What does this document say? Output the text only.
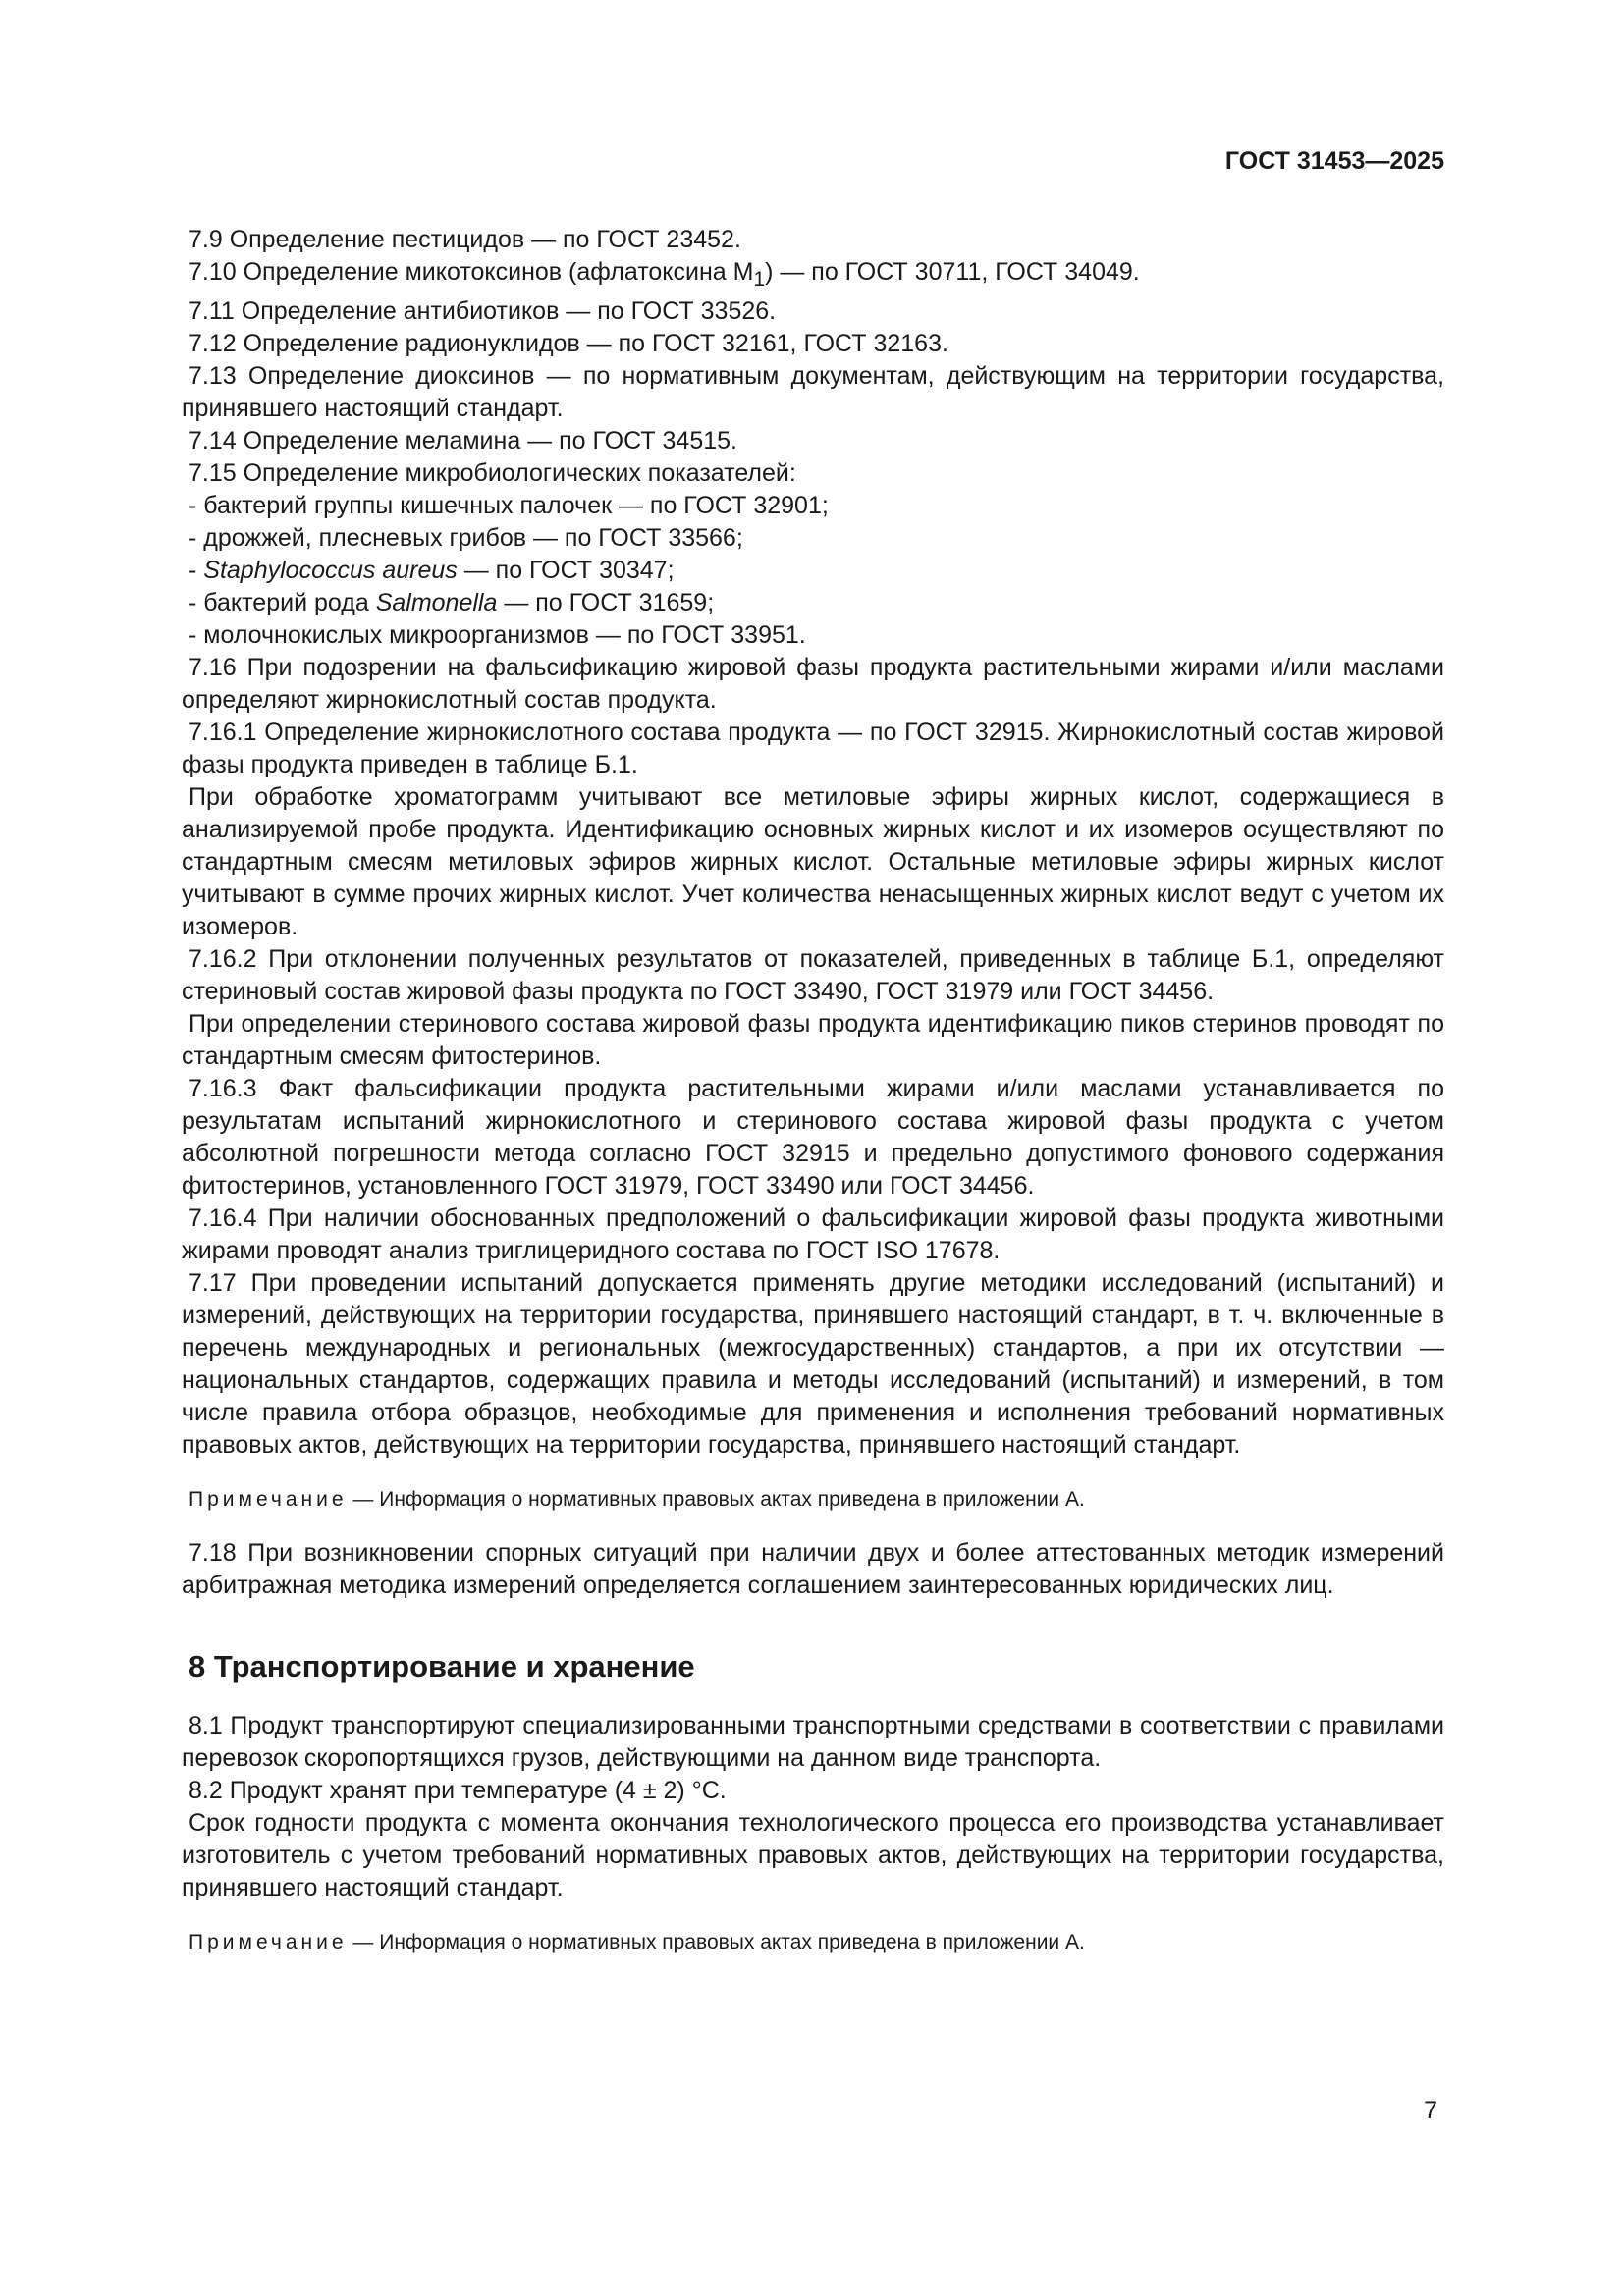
ГОСТ 31453—2025

7.9 Определение пестицидов — по ГОСТ 23452.

7.10 Определение микотоксинов (афлатоксина $M_1$) — по ГОСТ 30711, ГОСТ 34049.

7.11 Определение антибиотиков — по ГОСТ 33526.

7.12 Определение радионуклидов — по ГОСТ 32161, ГОСТ 32163.

7.13 Определение диоксинов — по нормативным документам, действующим на территории государства, принявшего настоящий стандарт.

7.14 Определение меламина — по ГОСТ 34515.

7.15 Определение микробиологических показателей:

- бактерий группы кишечных палочек — по ГОСТ 32901;

- дрожжей, плесневых грибов — по ГОСТ 33566;

- Staphylococcus aureus — по ГОСТ 30347;

- бактерий рода Salmonella — по ГОСТ 31659;

- молочнокислых микроорганизмов — по ГОСТ 33951.

7.16 При подозрении на фальсификацию жировой фазы продукта растительными жирами и/или маслами определяют жирнокислотный состав продукта.

7.16.1 Определение жирнокислотного состава продукта — по ГОСТ 32915. Жирнокислотный состав жировой фазы продукта приведен в таблице Б.1.

При обработке хроматограмм учитывают все метиловые эфиры жирных кислот, содержащиеся в анализируемой пробе продукта. Идентификацию основных жирных кислот и их изомеров осуществляют по стандартным смесям метиловых эфиров жирных кислот. Остальные метиловые эфиры жирных кислот учитывают в сумме прочих жирных кислот. Учет количества ненасыщенных жирных кислот ведут с учетом их изомеров.

7.16.2 При отклонении полученных результатов от показателей, приведенных в таблице Б.1, определяют стериновый состав жировой фазы продукта по ГОСТ 33490, ГОСТ 31979 или ГОСТ 34456.

При определении стеринового состава жировой фазы продукта идентификацию пиков стеринов проводят по стандартным смесям фитостеринов.

7.16.3 Факт фальсификации продукта растительными жирами и/или маслами устанавливается по результатам испытаний жирнокислотного и стеринового состава жировой фазы продукта с учетом абсолютной погрешности метода согласно ГОСТ 32915 и предельно допустимого фонового содержания фитостеринов, установленного ГОСТ 31979, ГОСТ 33490 или ГОСТ 34456.

7.16.4 При наличии обоснованных предположений о фальсификации жировой фазы продукта животными жирами проводят анализ триглицеридного состава по ГОСТ ISO 17678.

7.17 При проведении испытаний допускается применять другие методики исследований (испытаний) и измерений, действующих на территории государства, принявшего настоящий стандарт, в т. ч. включенные в перечень международных и региональных (межгосударственных) стандартов, а при их отсутствии — национальных стандартов, содержащих правила и методы исследований (испытаний) и измерений, в том числе правила отбора образцов, необходимые для применения и исполнения требований нормативных правовых актов, действующих на территории государства, принявшего настоящий стандарт.

Примечание — Информация о нормативных правовых актах приведена в приложении А.

7.18 При возникновении спорных ситуаций при наличии двух и более аттестованных методик измерений арбитражная методика измерений определяется соглашением заинтересованных юридических лиц.

8 Транспортирование и хранение

8.1 Продукт транспортируют специализированными транспортными средствами в соответствии с правилами перевозок скоропортящихся грузов, действующими на данном виде транспорта.

8.2 Продукт хранят при температуре (4 ± 2) °С.

Срок годности продукта с момента окончания технологического процесса его производства устанавливает изготовитель с учетом требований нормативных правовых актов, действующих на территории государства, принявшего настоящий стандарт.

Примечание — Информация о нормативных правовых актах приведена в приложении А.

7
